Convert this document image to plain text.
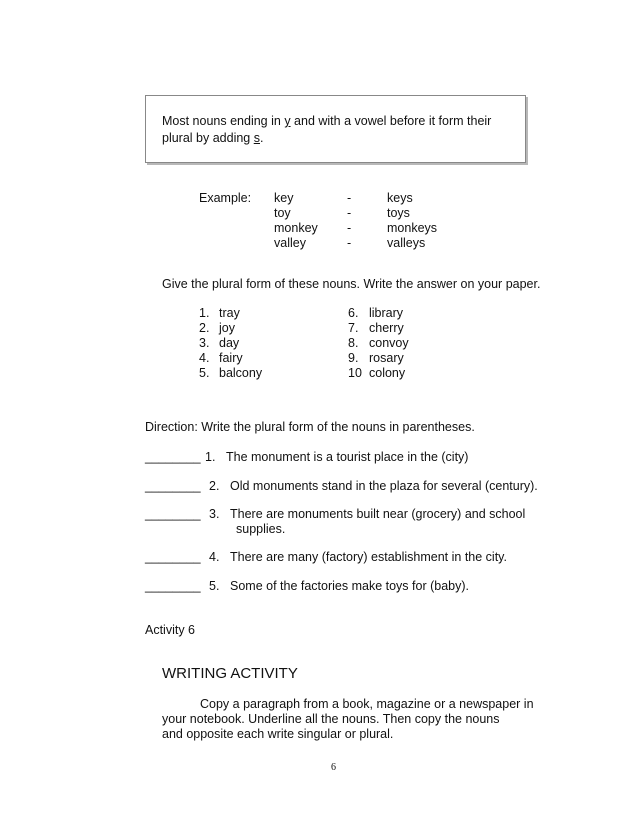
Most nouns ending in y and with a vowel before it form their
plural by adding s.
Example: key
toy
monkey
valley
-
-
-
-
keys
toys
monkeys
valleys
Give the plural form of these nouns. Write the answer on your paper.
1.
2.
3.
4.
5.
tray
joy
day
fairy
balcony
6.
7.
8.
9.
10
library
cherry
convoy
rosary
colony
Direction: Write the plural form of the nouns in parentheses.
________ 1. The monument is a tourist place in the (city)
________ 2. Old monuments stand in the plaza for several (century).
________ 3. There are monuments built near (grocery) and school
supplies.
________ 4. There are many (factory) establishment in the city.
________ 5. Some of the factories make toys for (baby).
Activity 6
WRITING ACTIVITY
Copy a paragraph from a book, magazine or a newspaper in
your notebook. Underline all the nouns. Then copy the nouns
and opposite each write singular or plural.
6
